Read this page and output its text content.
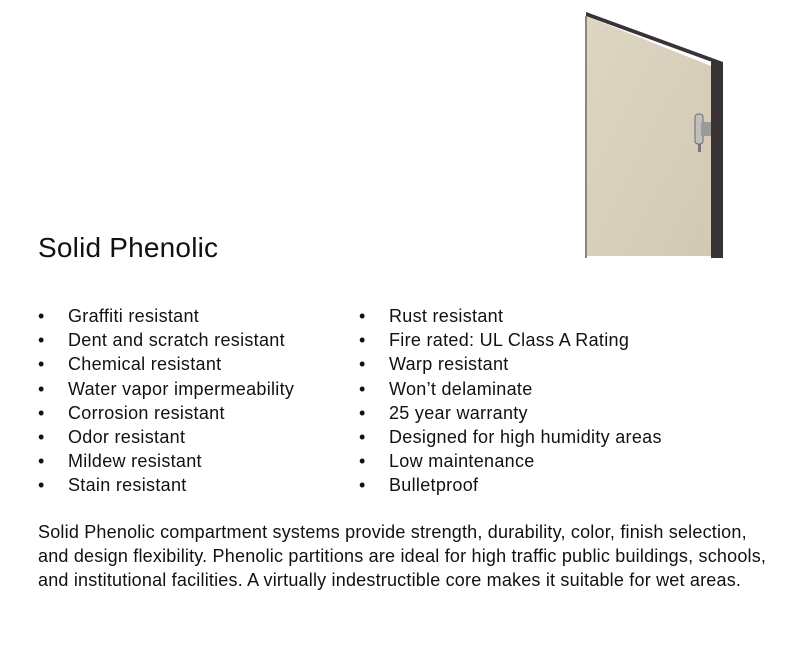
Solid Phenolic
• Graffiti resistant
• Dent and scratch resistant
• Chemical resistant
• Water vapor impermeability
• Corrosion resistant
• Odor resistant
• Mildew resistant
• Stain resistant
• Rust resistant
• Fire rated: UL Class A Rating
• Warp resistant
• Won’t delaminate
• 25 year warranty
• Designed for high humidity areas
• Low maintenance
• Bulletproof

Solid Phenolic compartment systems provide strength, durability, color, finish selection, and design flexibility. Phenolic partitions are ideal for high traffic public buildings, schools, and institutional facilities. A virtually indestructible core makes it suitable for wet areas.
